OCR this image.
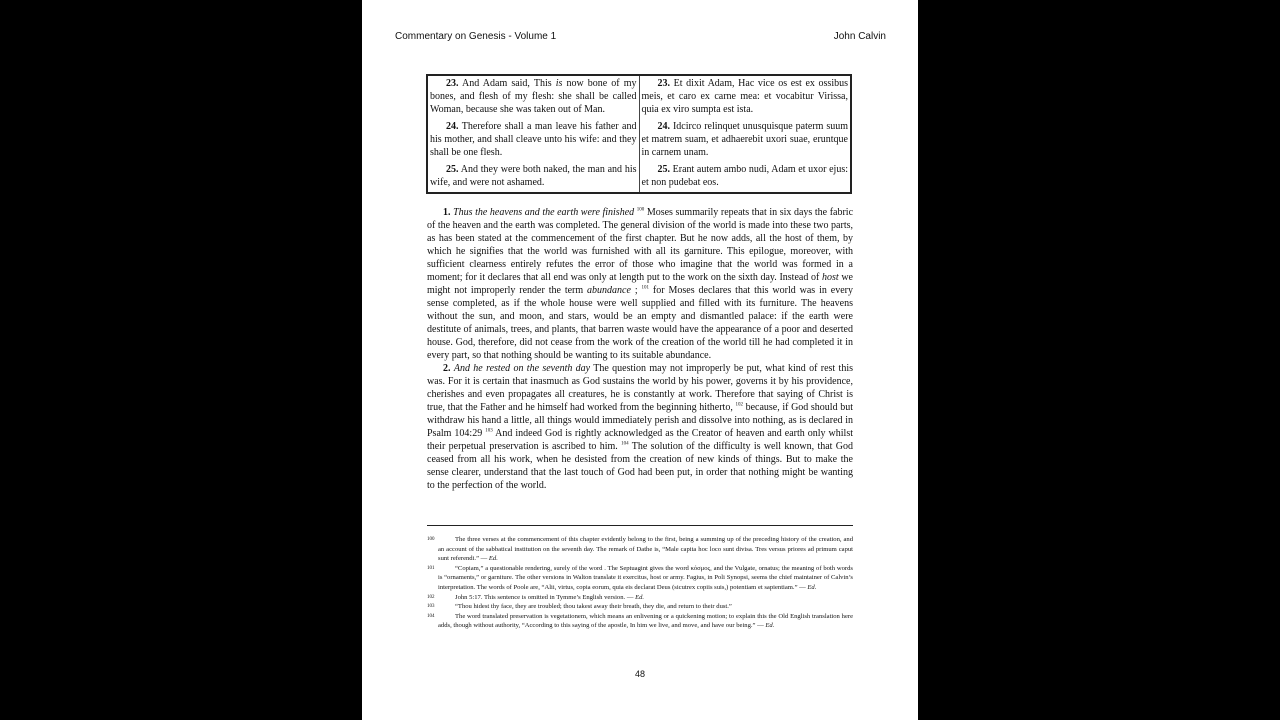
Commentary on Genesis - Volume 1	John Calvin
23. And Adam said, This is now bone of my bones, and flesh of my flesh: she shall be called Woman, because she was taken out of Man.	23. Et dixit Adam, Hac vice os est ex ossibus meis, et caro ex carne mea: et vocabitur Virissa, quia ex viro sumpta est ista.
24. Therefore shall a man leave his father and his mother, and shall cleave unto his wife: and they shall be one flesh.	24. Idcirco relinquet unusquisque paterm suum et matrem suam, et adhaerebit uxori suae, eruntque in carnem unam.
25. And they were both naked, the man and his wife, and were not ashamed.	25. Erant autem ambo nudi, Adam et uxor ejus: et non pudebat eos.

1. Thus the heavens and the earth were finished $^{100}$ Moses summarily repeats that in six days the fabric of the heaven and the earth was completed. The general division of the world is made into these two parts, as has been stated at the commencement of the first chapter. But he now adds, all the host of them, by which he signifies that the world was furnished with all its garniture. This epilogue, moreover, with sufficient clearness entirely refutes the error of those who imagine that the world was formed in a moment; for it declares that all end was only at length put to the work on the sixth day. Instead of host we might not improperly render the term abundance ; $^{101}$ for Moses declares that this world was in every sense completed, as if the whole house were well supplied and filled with its furniture. The heavens without the sun, and moon, and stars, would be an empty and dismantled palace: if the earth were destitute of animals, trees, and plants, that barren waste would have the appearance of a poor and deserted house. God, therefore, did not cease from the work of the creation of the world till he had completed it in every part, so that nothing should be wanting to its suitable abundance.

2. And he rested on the seventh day The question may not improperly be put, what kind of rest this was. For it is certain that inasmuch as God sustains the world by his power, governs it by his providence, cherishes and even propagates all creatures, he is constantly at work. Therefore that saying of Christ is true, that the Father and he himself had worked from the beginning hitherto, $^{102}$ because, if God should but withdraw his hand a little, all things would immediately perish and dissolve into nothing, as is declared in Psalm 104:29 $^{103}$ And indeed God is rightly acknowledged as the Creator of heaven and earth only whilst their perpetual preservation is ascribed to him. $^{104}$ The solution of the difficulty is well known, that God ceased from all his work, when he desisted from the creation of new kinds of things. But to make the sense clearer, understand that the last touch of God had been put, in order that nothing might be wanting to the perfection of the world.

100	The three verses at the commencement of this chapter evidently belong to the first, being a summing up of the preceding history of the creation, and an account of the sabbatical institution on the seventh day. The remark of Dathe is, “Male capita hoc loco sunt divisa. Tres versus priores ad primum caput sunt referendi.” — Ed.
101	“Copiam,” a questionable rendering, surely of the word . The Septuagint gives the word κόσμος, and the Vulgate, ornatus; the meaning of both words is “ornaments,” or garniture. The other versions in Walton translate it exercitus, host or army. Fagius, in Poli Synopsi, seems the chief maintainer of Calvin’s interpretation. The words of Poole are, “Alii, virtus, copia eorum, quia eis declarat Deus (sicutrex copiis suis,) potentiam et sapientiam.” — Ed.
102	John 5:17. This sentence is omitted in Tymme’s English version. — Ed.
103	“Thou hidest thy face, they are troubled; thou takest away their breath, they die, and return to their dust.”
104	The word translated preservation is vegetationem, which means an enlivening or a quickening motion; to explain this the Old English translation here adds, though without authority, “According to this saying of the apostle, In him we live, and move, and have our being.” — Ed.
48
